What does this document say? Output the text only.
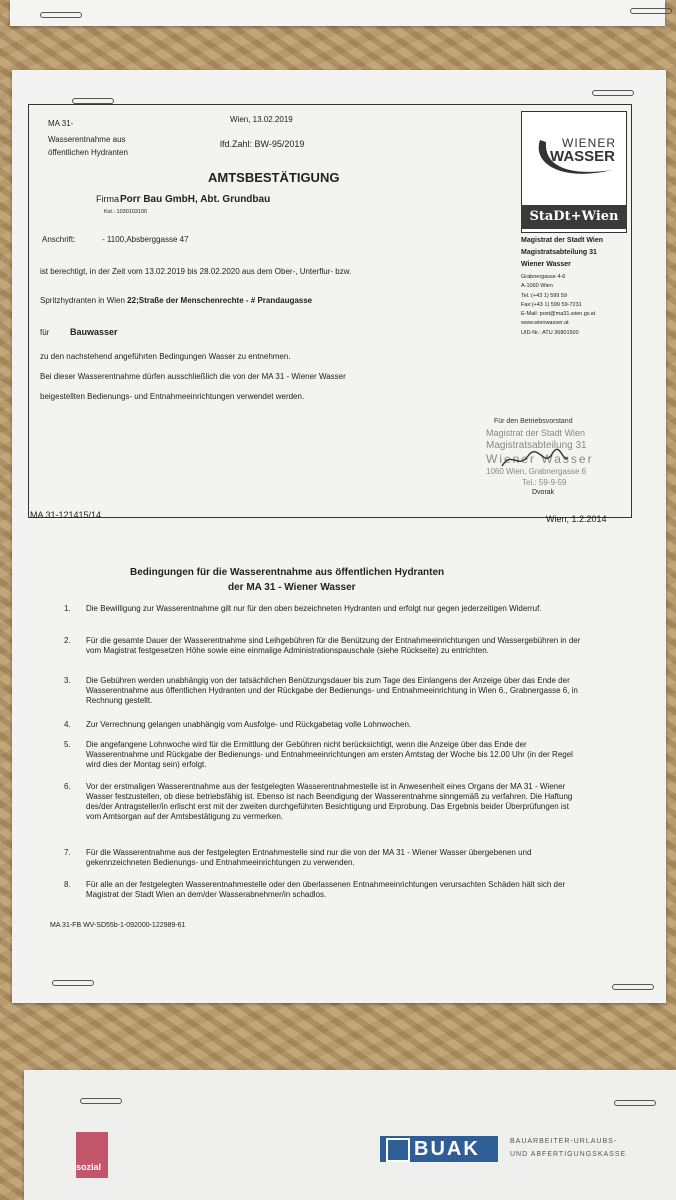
MA 31-
Wasserentnahme aus
öffentlichen Hydranten
Wien, 13.02.2019
lfd.Zahl: BW-95/2019
AMTSBESTÄTIGUNG
Firma Porr Bau GmbH, Abt. Grundbau
Kst.: 1030103100
Anschrift:	- 1100,Absberggasse 47
ist berechtigt, in der Zeit vom 13.02.2019 bis 28.02.2020 aus dem Ober-, Unterflur- bzw.
Spritzhydranten in Wien 22;Straße der Menschenrechte - # Prandaugasse
für Bauwasser
zu den nachstehend angeführten Bedingungen Wasser zu entnehmen.
Bei dieser Wasserentnahme dürfen ausschließlich die von der MA 31 - Wiener Wasser
beigestellten Bedienungs- und Entnahmeeinrichtungen verwendet werden.
WIENER
WASSER
StaDt+Wien
Magistrat der Stadt Wien
Magistratsabteilung 31
Wiener Wasser
Grabnergasse 4-6
A-1060 Wien
Tel.:(+43 1) 599 59
Fax:(+43 1) 599 59-7231
E-Mail: post@ma31.wien.gv.at
www.wienwasser.at
UID-Nr.: ATU 36801500
Für den Betriebsvorstand
Magistrat der Stadt Wien
Magistratsabteilung 31
Wiener Wasser
1060 Wien, Grabnergasse 6
Tel.: 59-9-59
Dvorak
MA 31-121415/14	Wien, 1.2.2014
Bedingungen für die Wasserentnahme aus öffentlichen Hydranten
der MA 31 - Wiener Wasser
1.	Die Bewilligung zur Wasserentnahme gilt nur für den oben bezeichneten Hydranten und erfolgt nur gegen jederzeitigen Widerruf.
2.	Für die gesamte Dauer der Wasserentnahme sind Leihgebühren für die Benützung der Entnahmeeinrichtungen und Wassergebühren in der vom Magistrat festgesetzen Höhe sowie eine einmalige Administrationspauschale (siehe Rückseite) zu entrichten.
3.	Die Gebühren werden unabhängig von der tatsächlichen Benützungsdauer bis zum Tage des Einlangens der Anzeige über das Ende der Wasserentnahme aus öffentlichen Hydranten und der Rückgabe der Bedienungs- und Entnahmeeinrichtung in Wien 6., Grabnergasse 6, in Rechnung gestellt.
4.	Zur Verrechnung gelangen unabhängig vom Ausfolge- und Rückgabetag volle Lohnwochen.
5.	Die angefangene Lohnwoche wird für die Ermittlung der Gebühren nicht berücksichtigt, wenn die Anzeige über das Ende der Wasserentnahme und Rückgabe der Bedienungs- und Entnahmeeinrichtungen am ersten Amtstag der Woche bis 12.00 Uhr (in der Regel wird dies der Montag sein) erfolgt.
6.	Vor der erstmaligen Wasserentnahme aus der festgelegten Wasserentnahmestelle ist in Anwesenheit eines Organs der MA 31 - Wiener Wasser festzustellen, ob diese betriebsfähig ist. Ebenso ist nach Beendigung der Wasserentnahme sinngemäß zu verfahren. Die Haftung des/der Antragsteller/in erlischt erst mit der zweiten durchgeführten Besichtigung und Erprobung. Das Ergebnis beider Überprüfungen ist vom Amtsorgan auf der Amtsbestätigung zu vermerken.
7.	Für die Wasserentnahme aus der festgelegten Entnahmestelle sind nur die von der MA 31 - Wiener Wasser übergebenen und gekennzeichneten Bedienungs- und Entnahmeeinrichtungen zu verwenden.
8.	Für alle an der festgelegten Wasserentnahmestelle oder den überlassenen Entnahmeeinrichtungen verursachten Schäden hält sich der Magistrat der Stadt Wien an dem/der Wasserabnehmer/in schadlos.
MA 31-FB WV-SD55b-1-092000-122989-61
sozial
BUAK	BAUARBEITER-URLAUBS-
UND ABFERTIGUNGSKASSE
